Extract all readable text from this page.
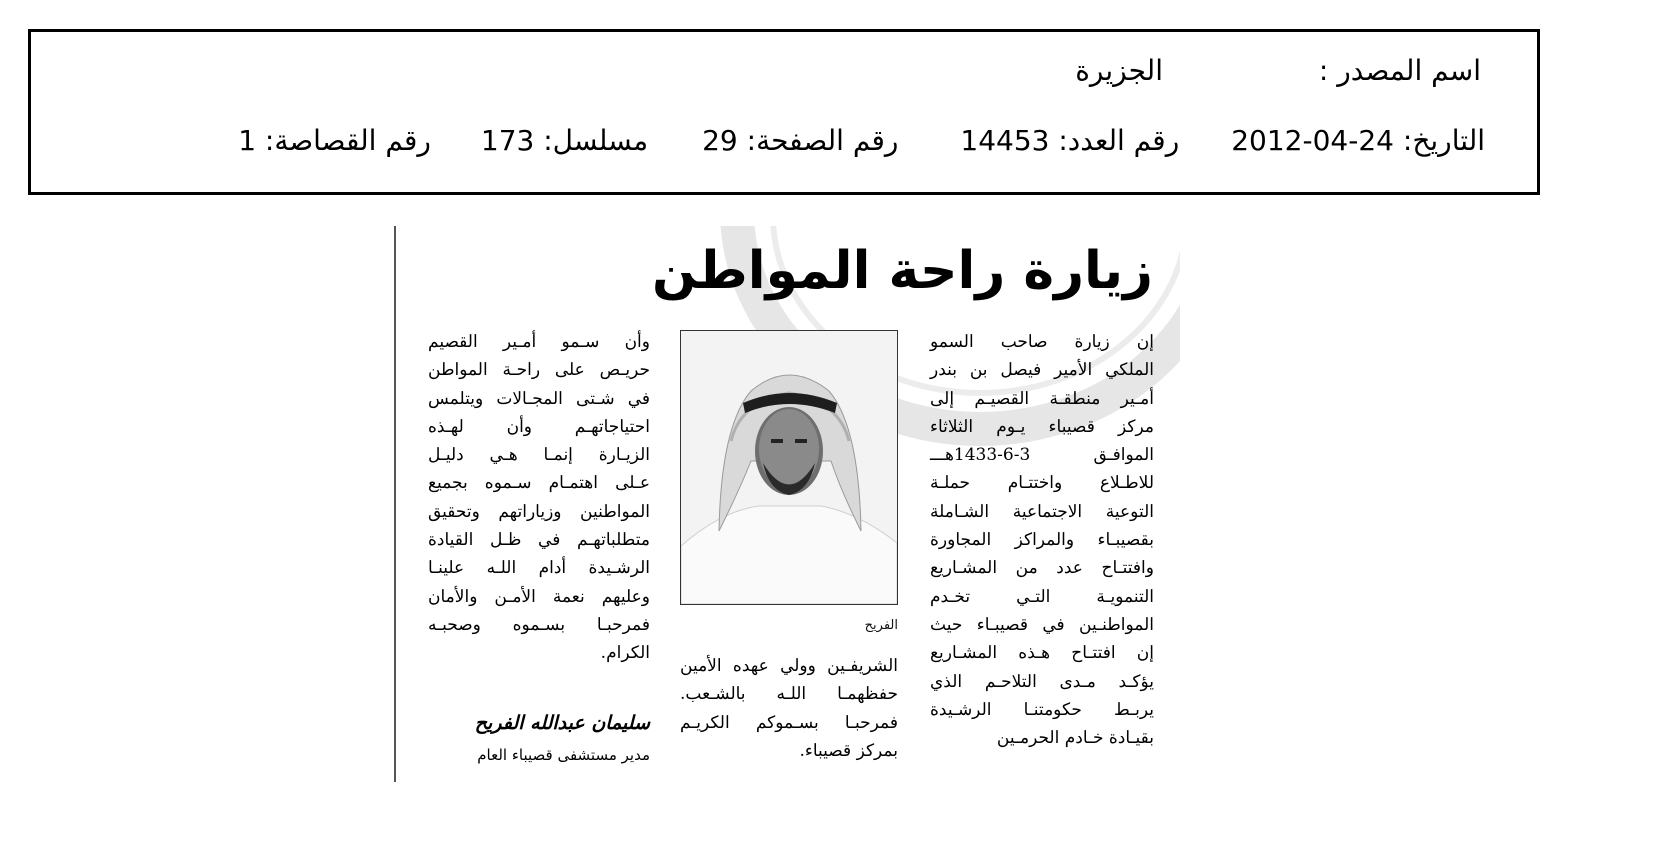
اسم المصدر :
الجزيرة
التاريخ: 24-04-2012رقم العدد: 14453رقم الصفحة: 29مسلسل: 173رقم القصاصة: 1
زيارة راحة المواطن
إن زيارة صاحب السمو
الملكي الأمير فيصل بن بندر
أمـير منطقـة القصيـم إلى
مركز قصيباء يـوم الثلاثاء
الموافـق 3-6-1433هـــ
للاطـلاع واختتـام حملـة
التوعية الاجتماعية الشـاملة
بقصيبـاء والمراكز المجاورة
وافتتـاح عدد من المشـاريع
التنمويـة التـي تخـدم
المواطنـين في قصيبـاء حيث
إن افتتـاح هـذه المشـاريع
يؤكـد مـدى التلاحـم الذي
يربـط حكومتنـا الرشـيدة
بقيـادة خـادم الحرمـين
الفريح
الشريفـين وولي عهده الأمين
حفظهمـا اللـه بالشـعب.
فمرحبـا بسـموكم الكريـم
بمركز قصيباء.
وأن سـمو أمـير القصيم
حريـص على راحـة المواطن
في شـتى المجـالات ويتلمس
احتياجاتهـم وأن لهـذه
الزيـارة إنمـا هـي دليـل
عـلى اهتمـام سـموه بجميع
المواطنين وزياراتهم وتحقيق
متطلباتهـم في ظـل القيادة
الرشـيدة أدام اللـه علينـا
وعليهم نعمة الأمـن والأمان
فمرحبـا بسـموه وصحبـه
الكرام.
سليمان عبدالله الفريح
مدير مستشفى قصيباء العام
